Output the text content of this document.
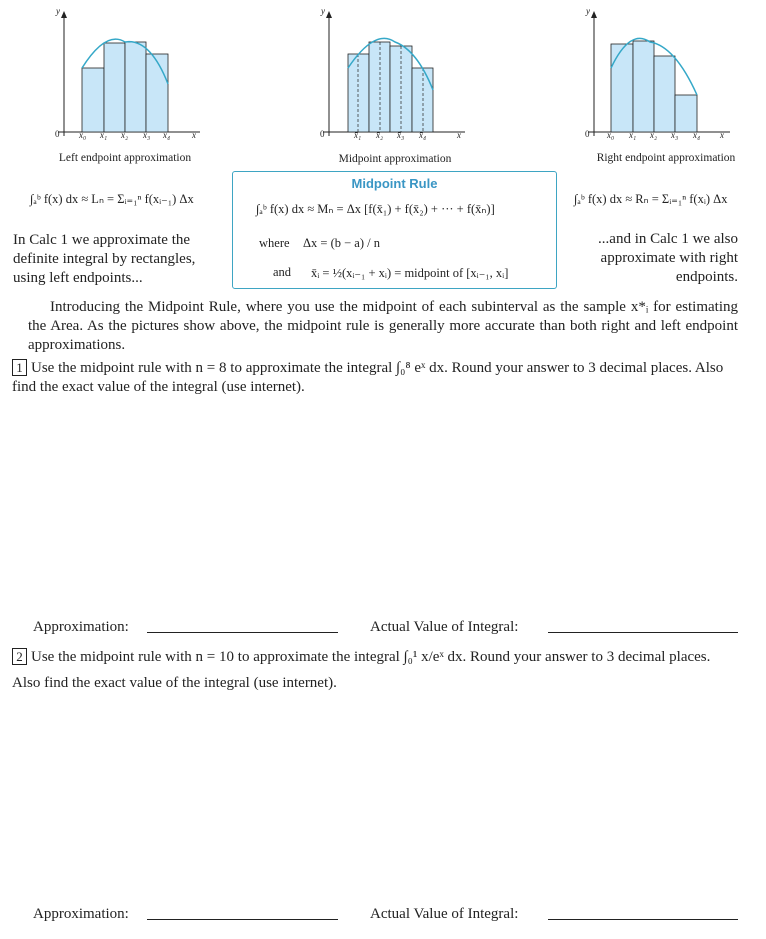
y
0 x₀ x₁ x₂ x₃ x₄ x
Left endpoint approximation
y
0	x̄₁ x̄₂ x̄₃ x̄₄	x
Midpoint approximation
y
0 x₀ x₁ x₂ x₃ x₄ x
Right endpoint approximation
∫ₐᵇ f(x) dx ≈ Lₙ = Σᵢ₌₁ⁿ f(xᵢ₋₁) Δx	∫ₐᵇ f(x) dx ≈ Rₙ = Σᵢ₌₁ⁿ f(xᵢ) Δx
Midpoint Rule
∫ₐᵇ f(x) dx ≈ Mₙ = Δx [f(x̄₁) + f(x̄₂) + ··· + f(x̄ₙ)]
where Δx = (b − a) / n
and x̄ᵢ = ½(xᵢ₋₁ + xᵢ) = midpoint of [xᵢ₋₁, xᵢ]
In Calc 1 we approximate the definite integral by rectangles, using left endpoints...
...and in Calc 1 we also approximate with right endpoints.
Introducing the Midpoint Rule, where you use the midpoint of each subinterval as the sample x*ᵢ for estimating the Area. As the pictures show above, the midpoint rule is generally more accurate than both right and left endpoint approximations.
1 Use the midpoint rule with n = 8 to approximate the integral ∫₀⁸ eˣ dx. Round your answer to 3 decimal places. Also find the exact value of the integral (use internet).
Approximation:	Actual Value of Integral:
2 Use the midpoint rule with n = 10 to approximate the integral ∫₀¹ x/eˣ dx. Round your answer to 3 decimal places. Also find the exact value of the integral (use internet).
Approximation:	Actual Value of Integral:
